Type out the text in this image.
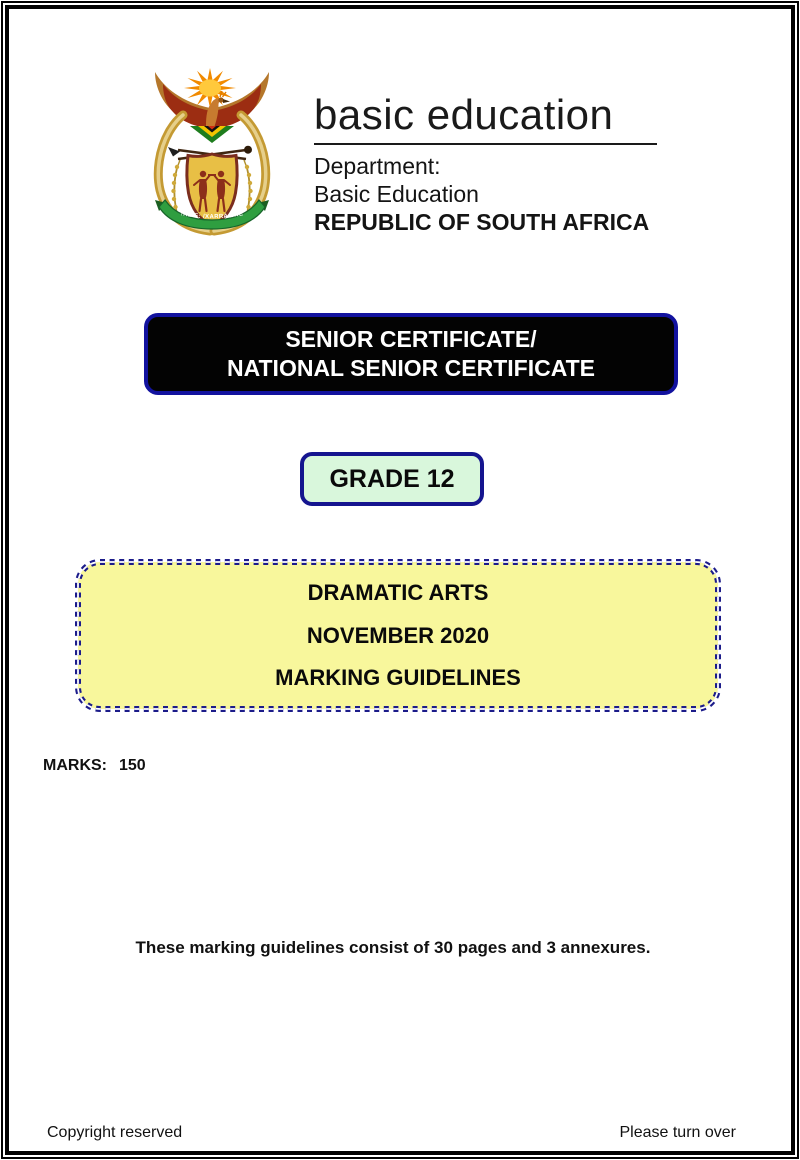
!KE E: /XARRA //KE
basic education
Department:
Basic Education
REPUBLIC OF SOUTH AFRICA
SENIOR CERTIFICATE/
NATIONAL SENIOR CERTIFICATE
GRADE 12
DRAMATIC ARTS
NOVEMBER 2020
MARKING GUIDELINES
MARKS: 150
These marking guidelines consist of 30 pages and 3 annexures.
Copyright reserved	Please turn over
